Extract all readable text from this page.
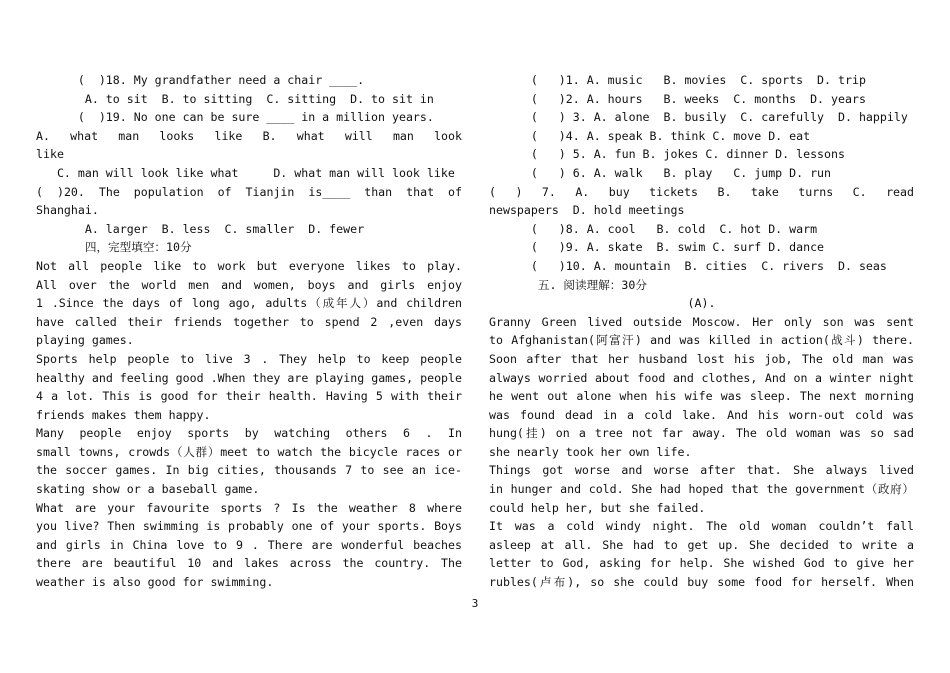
(  )18. My grandfather need a chair ____.
A. to sit  B. to sitting  C. sitting  D. to sit in
(  )19. No one can be sure ____ in a million years.
A. what man looks like B. what will man look
like
C. man will look like what     D. what man will look like
( )20. The population of Tianjin is____ than that of
Shanghai.
A. larger  B. less  C. smaller  D. fewer
四，完型填空：10分
Not all people like to work but everyone likes to play.
All over the world men and women, boys and girls enjoy
1 .Since the days of long ago, adults（成年人）and children
have called their friends together to spend 2 ,even days
playing games.
Sports help people to live 3 . They help to keep people
healthy and feeling good .When they are playing games, people
4 a lot. This is good for their health. Having 5 with their
friends makes them happy.
Many people enjoy sports by watching others 6 . In
small towns, crowds（人群）meet to watch the bicycle races or
the soccer games. In big cities, thousands 7 to see an ice-
skating show or a baseball game.
What are your favourite sports ? Is the weather 8 where
you live? Then swimming is probably one of your sports. Boys
and girls in China love to 9 . There are wonderful beaches
there are beautiful 10 and lakes across the country. The
weather is also good for swimming.
(   )1. A. music   B. movies  C. sports  D. trip
(   )2. A. hours   B. weeks  C. months  D. years
(   ) 3. A. alone  B. busily  C. carefully  D. happily
(   )4. A. speak B. think C. move D. eat
(   ) 5. A. fun B. jokes C. dinner D. lessons
(   ) 6. A. walk   B. play   C. jump D. run
( ) 7. A. buy tickets B. take turns C. read
newspapers  D. hold meetings
(   )8. A. cool   B. cold  C. hot D. warm
(   )9. A. skate  B. swim C. surf D. dance
(   )10. A. mountain  B. cities  C. rivers  D. seas
五. 阅读理解：30分
(A).
Granny Green lived outside Moscow. Her only son was sent
to Afghanistan(阿富汗) and was killed in action(战斗) there.
Soon after that her husband lost his job, The old man was
always worried about food and clothes, And on a winter night
he went out alone when his wife was sleep. The next morning
was found dead in a cold lake. And his worn-out cold was
hung(挂) on a tree not far away. The old woman was so sad
she nearly took her own life.
Things got worse and worse after that. She always lived
in hunger and cold. She had hoped that the government（政府）
could help her, but she failed.
It was a cold windy night. The old woman couldn’t fall
asleep at all. She had to get up. She decided to write a
letter to God, asking for help. She wished God to give her
rubles(卢布), so she could buy some food for herself. When
3
